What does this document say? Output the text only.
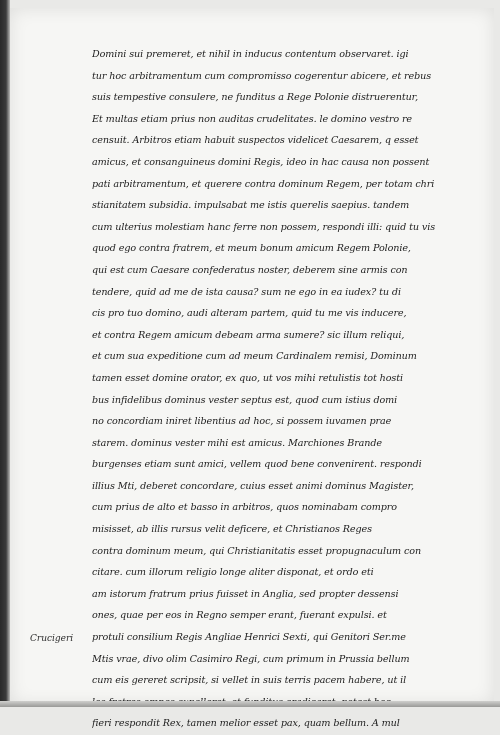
Domini sui premeret, et nihil in inducus contentum observaret. igi
tur hoc arbitramentum cum compromisso cogerentur abicere, et rebus
suis tempestive consulere, ne funditus a Rege Polonie distruerentur,
Et multas etiam prius non auditas crudelitates. le domino vestro re
censuit. Arbitros etiam habuit suspectos videlicet Caesarem, q esset
amicus, et consanguineus domini Regis, ideo in hac causa non possent
pati arbitramentum, et querere contra dominum Regem, per totam chri
stianitatem subsidia. impulsabat me istis querelis saepius. tandem
cum ulterius molestiam hanc ferre non possem, respondi illi: quid tu vis
quod ego contra fratrem, et meum bonum amicum Regem Polonie,
qui est cum Caesare confederatus noster, deberem sine armis con
tendere, quid ad me de ista causa? sum ne ego in ea iudex? tu di
cis pro tuo domino, audi alteram partem, quid tu me vis inducere,
et contra Regem amicum debeam arma sumere? sic illum reliqui,
et cum sua expeditione cum ad meum Cardinalem remisi, Dominum
tamen esset domine orator, ex quo, ut vos mihi retulistis tot hosti
bus infidelibus dominus vester septus est, quod cum istius domi
no concordiam iniret libentius ad hoc, si possem iuvamen prae
starem. dominus vester mihi est amicus. Marchiones Brande
burgenses etiam sunt amici, vellem quod bene convenirent. respondi
illius Mti, deberet concordare, cuius esset animi dominus Magister,
cum prius de alto et basso in arbitros, quos nominabam compro
misisset, ab illis rursus velit deficere, et Christianos Reges
contra dominum meum, qui Christianitatis esset propugnaculum con
citare. cum illorum religio longe aliter disponat, et ordo eti
am istorum fratrum prius fuisset in Anglia, sed propter dessensi
ones, quae per eos in Regno semper erant, fuerant expulsi. et
protuli consilium Regis Angliae Henrici Sexti, qui Genitori Ser.me
Mtis vrae, divo olim Casimiro Regi, cum primum in Prussia bellum
cum eis gereret scripsit, si vellet in suis terris pacem habere, ut il
fieri respondit Rex, tamen melior esset pax, quam bellum. A mul
Crucigeri
